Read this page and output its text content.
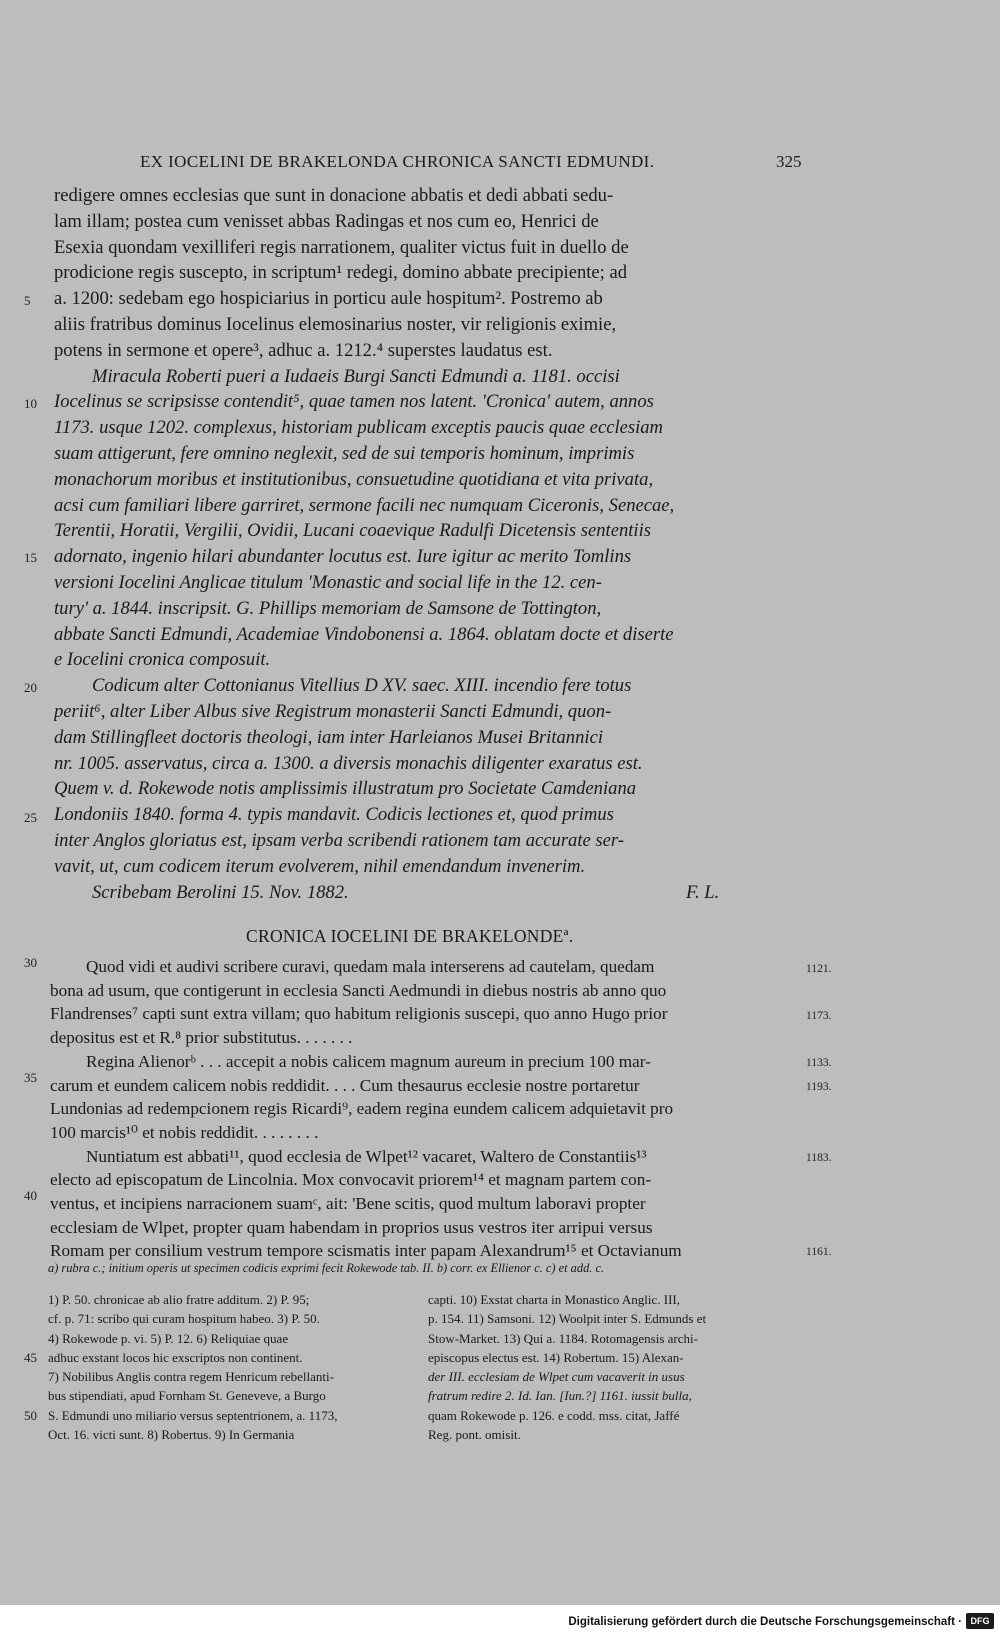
EX IOCELINI DE BRAKELONDA CHRONICA SANCTI EDMUNDI.	325
5
10
15
20
25
30
35
40
45
50
redigere omnes ecclesias que sunt in donacione abbatis et dedi abbati sedu-
lam illam; postea cum venisset abbas Radingas et nos cum eo, Henrici de
Esexia quondam vexilliferi regis narrationem, qualiter victus fuit in duello de
prodicione regis suscepto, in scriptum¹ redegi, domino abbate precipiente; ad
a. 1200: sedebam ego hospiciarius in porticu aule hospitum². Postremo ab
aliis fratribus dominus Iocelinus elemosinarius noster, vir religionis eximie,
potens in sermone et opere³, adhuc a. 1212.⁴ superstes laudatus est.
Miracula Roberti pueri a Iudaeis Burgi Sancti Edmundi a. 1181. occisi
Iocelinus se scripsisse contendit⁵, quae tamen nos latent. 'Cronica' autem, annos
1173. usque 1202. complexus, historiam publicam exceptis paucis quae ecclesiam
suam attigerunt, fere omnino neglexit, sed de sui temporis hominum, imprimis
monachorum moribus et institutionibus, consuetudine quotidiana et vita privata,
acsi cum familiari libere garriret, sermone facili nec numquam Ciceronis, Senecae,
Terentii, Horatii, Vergilii, Ovidii, Lucani coaevique Radulfi Dicetensis sententiis
adornato, ingenio hilari abundanter locutus est. Iure igitur ac merito Tomlins
versioni Iocelini Anglicae titulum 'Monastic and social life in the 12. cen-
tury' a. 1844. inscripsit. G. Phillips memoriam de Samsone de Tottington,
abbate Sancti Edmundi, Academiae Vindobonensi a. 1864. oblatam docte et diserte
e Iocelini cronica composuit.
Codicum alter Cottonianus Vitellius D XV. saec. XIII. incendio fere totus
periit⁶, alter Liber Albus sive Registrum monasterii Sancti Edmundi, quon-
dam Stillingfleet doctoris theologi, iam inter Harleianos Musei Britannici
nr. 1005. asservatus, circa a. 1300. a diversis monachis diligenter exaratus est.
Quem v. d. Rokewode notis amplissimis illustratum pro Societate Camdeniana
Londoniis 1840. forma 4. typis mandavit. Codicis lectiones et, quod primus
inter Anglos gloriatus est, ipsam verba scribendi rationem tam accurate ser-
vavit, ut, cum codicem iterum evolverem, nihil emendandum invenerim.
Scribebam Berolini 15. Nov. 1882.	F. L.
CRONICA IOCELINI DE BRAKELONDEª.
Quod vidi et audivi scribere curavi, quedam mala interserens ad cautelam, quedam
bona ad usum, que contigerunt in ecclesia Sancti Aedmundi in diebus nostris ab anno quo
Flandrenses⁷ capti sunt extra villam; quo habitum religionis suscepi, quo anno Hugo prior
depositus est et R.⁸ prior substitutus. . . . . . .
Regina Alienorᵇ . . . accepit a nobis calicem magnum aureum in precium 100 mar-
carum et eundem calicem nobis reddidit. . . . Cum thesaurus ecclesie nostre portaretur
Lundonias ad redempcionem regis Ricardi⁹, eadem regina eundem calicem adquietavit pro
100 marcis¹⁰ et nobis reddidit. . . . . . . .
Nuntiatum est abbati¹¹, quod ecclesia de Wlpet¹² vacaret, Waltero de Constantiis¹³
electo ad episcopatum de Lincolnia. Mox convocavit priorem¹⁴ et magnam partem con-
ventus, et incipiens narracionem suamᶜ, ait: 'Bene scitis, quod multum laboravi propter
ecclesiam de Wlpet, propter quam habendam in proprios usus vestros iter arripui versus
Romam per consilium vestrum tempore scismatis inter papam Alexandrum¹⁵ et Octavianum
1121.
1173.
1133.
1193.
1183.
1161.
a) rubra c.; initium operis ut specimen codicis exprimi fecit Rokewode tab. II. b) corr. ex Ellienor c. c) et add. c.
1) P. 50. chronicae ab alio fratre additum. 2) P. 95;
cf. p. 71: scribo qui curam hospitum habeo. 3) P. 50.
4) Rokewode p. vi. 5) P. 12. 6) Reliquiae quae
adhuc exstant locos hic exscriptos non continent.
7) Nobilibus Anglis contra regem Henricum rebellanti-
bus stipendiati, apud Fornham St. Geneveve, a Burgo
S. Edmundi uno miliario versus septentrionem, a. 1173,
Oct. 16. victi sunt. 8) Robertus. 9) In Germania
capti. 10) Exstat charta in Monastico Anglic. III,
p. 154. 11) Samsoni. 12) Woolpit inter S. Edmunds et
Stow-Market. 13) Qui a. 1184. Rotomagensis archi-
episcopus electus est. 14) Robertum. 15) Alexan-
der III. ecclesiam de Wlpet cum vacaverit in usus
fratrum redire 2. Id. Ian. [Iun.?] 1161. iussit bulla,
quam Rokewode p. 126. e codd. mss. citat, Jaffé
Reg. pont. omisit.
Digitalisierung gefördert durch die Deutsche Forschungsgemeinschaft · DFG
